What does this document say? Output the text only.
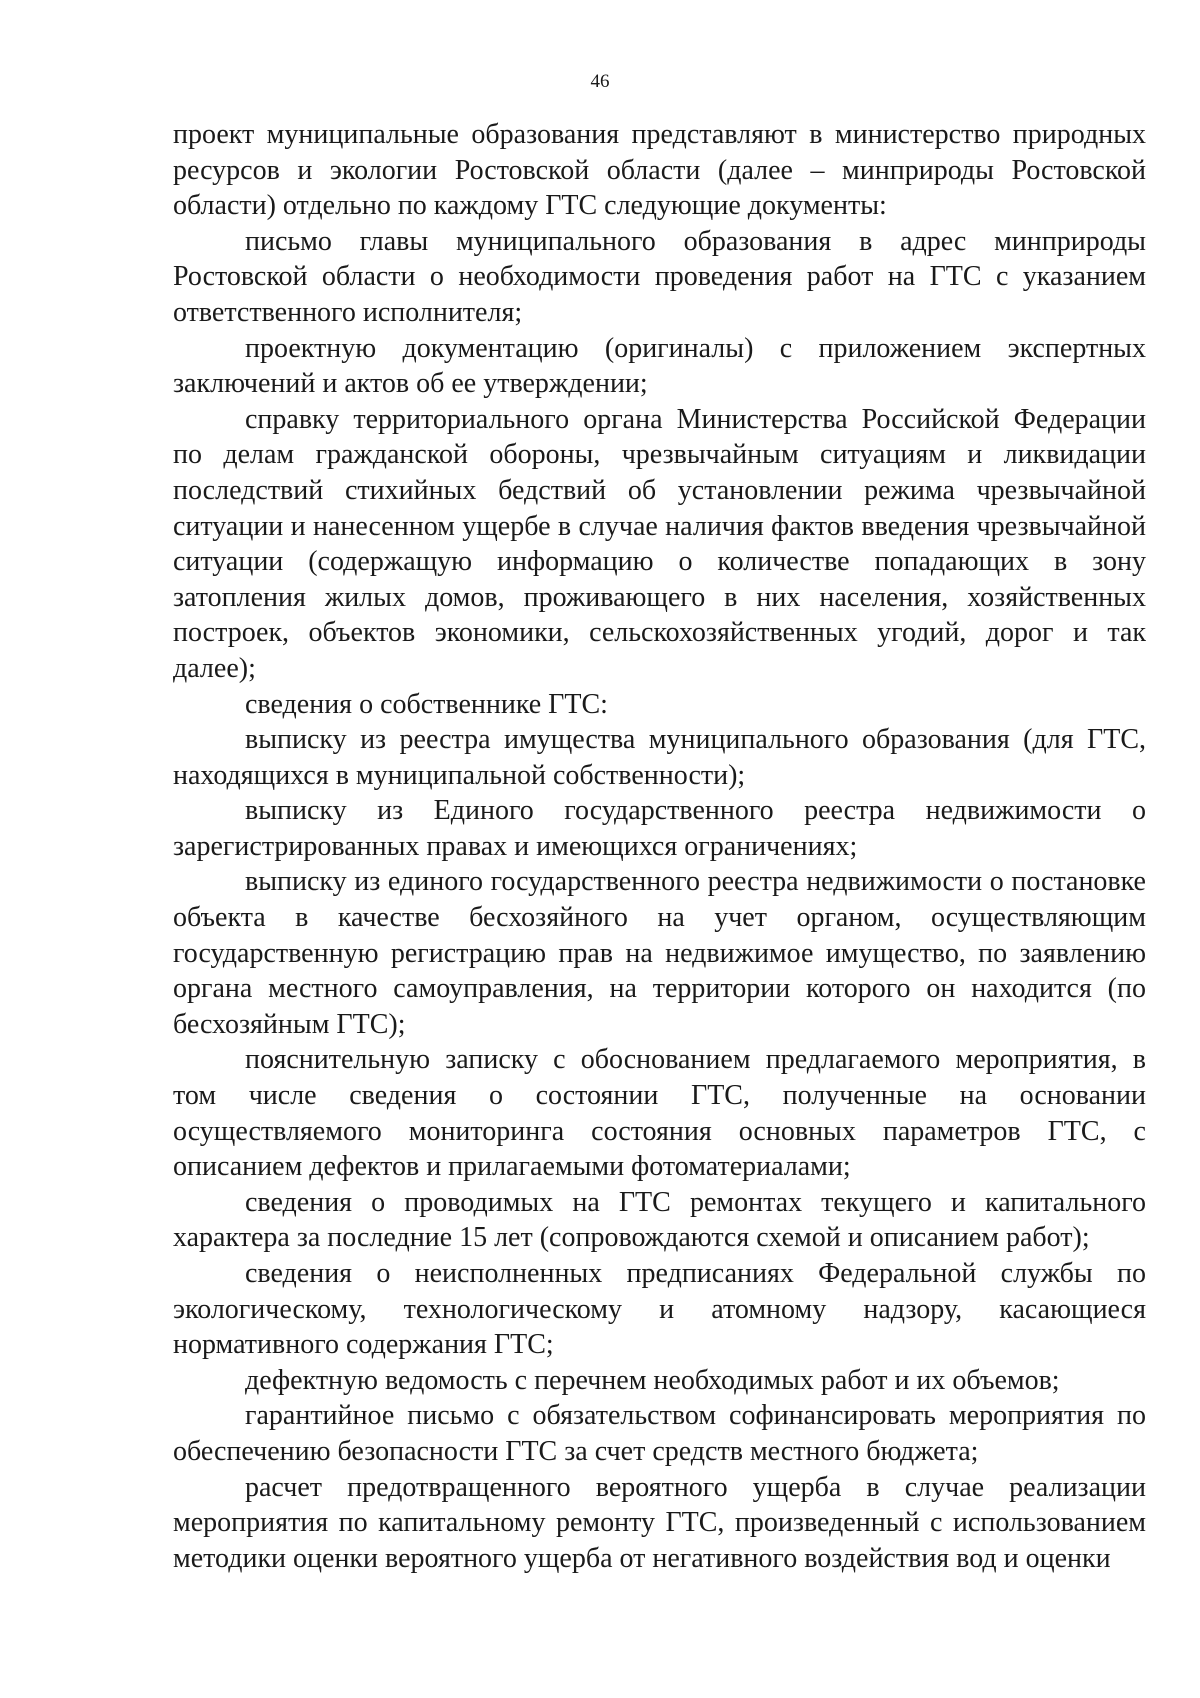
46

проект муниципальные образования представляют в министерство природных ресурсов и экологии Ростовской области (далее – минприроды Ростовской области) отдельно по каждому ГТС следующие документы:

письмо главы муниципального образования в адрес минприроды Ростовской области о необходимости проведения работ на ГТС с указанием ответственного исполнителя;

проектную документацию (оригиналы) с приложением экспертных заключений и актов об ее утверждении;

справку территориального органа Министерства Российской Федерации по делам гражданской обороны, чрезвычайным ситуациям и ликвидации последствий стихийных бедствий об установлении режима чрезвычайной ситуации и нанесенном ущербе в случае наличия фактов введения чрезвычайной ситуации (содержащую информацию о количестве попадающих в зону затопления жилых домов, проживающего в них населения, хозяйственных построек, объектов экономики, сельскохозяйственных угодий, дорог и так далее);

сведения о собственнике ГТС:

выписку из реестра имущества муниципального образования (для ГТС, находящихся в муниципальной собственности);

выписку из Единого государственного реестра недвижимости о зарегистрированных правах и имеющихся ограничениях;

выписку из единого государственного реестра недвижимости о постановке объекта в качестве бесхозяйного на учет органом, осуществляющим государственную регистрацию прав на недвижимое имущество, по заявлению органа местного самоуправления, на территории которого он находится (по бесхозяйным ГТС);

пояснительную записку с обоснованием предлагаемого мероприятия, в том числе сведения о состоянии ГТС, полученные на основании осуществляемого мониторинга состояния основных параметров ГТС, с описанием дефектов и прилагаемыми фотоматериалами;

сведения о проводимых на ГТС ремонтах текущего и капитального характера за последние 15 лет (сопровождаются схемой и описанием работ);

сведения о неисполненных предписаниях Федеральной службы по экологическому, технологическому и атомному надзору, касающиеся нормативного содержания ГТС;

дефектную ведомость с перечнем необходимых работ и их объемов;

гарантийное письмо с обязательством софинансировать мероприятия по обеспечению безопасности ГТС за счет средств местного бюджета;

расчет предотвращенного вероятного ущерба в случае реализации мероприятия по капитальному ремонту ГТС, произведенный с использованием методики оценки вероятного ущерба от негативного воздействия вод и оценки
